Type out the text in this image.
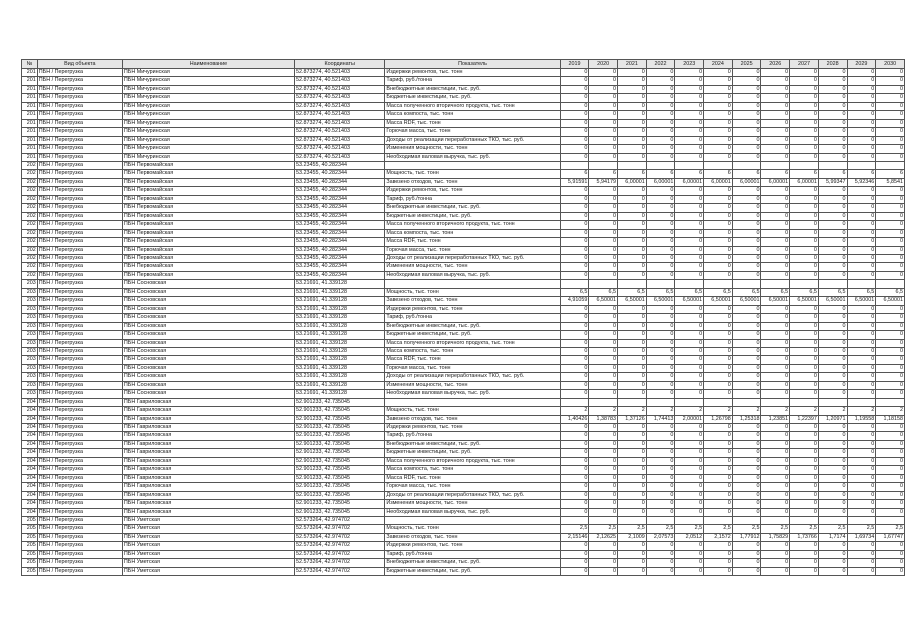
№	Вид объекта	Наименование	Координаты	Показатель	2019	2020	2021	2022	2023	2024	2025	2026	2027	2028	2029	2030
201	ПБН / Перегрузка	ПБН Мичуринская	52.873274, 40.521403	Издержки ремонтов, тыс. тонн	0	0	0	0	0	0	0	0	0	0	0	0
201	ПБН / Перегрузка	ПБН Мичуринская	52.873274, 40.521403	Тариф, руб./тонна	0	0	0	0	0	0	0	0	0	0	0	0
201	ПБН / Перегрузка	ПБН Мичуринская	52.873274, 40.521403	Внебюджетные инвестиции, тыс. руб.	0	0	0	0	0	0	0	0	0	0	0	0
201	ПБН / Перегрузка	ПБН Мичуринская	52.873274, 40.521403	Бюджетные инвестиции, тыс. руб.	0	0	0	0	0	0	0	0	0	0	0	0
201	ПБН / Перегрузка	ПБН Мичуринская	52.873274, 40.521403	Масса полученного вторичного продукта, тыс. тонн	0	0	0	0	0	0	0	0	0	0	0	0
201	ПБН / Перегрузка	ПБН Мичуринская	52.873274, 40.521403	Масса компоста, тыс. тонн	0	0	0	0	0	0	0	0	0	0	0	0
201	ПБН / Перегрузка	ПБН Мичуринская	52.873274, 40.521403	Масса RDF, тыс. тонн	0	0	0	0	0	0	0	0	0	0	0	0
201	ПБН / Перегрузка	ПБН Мичуринская	52.873274, 40.521403	Горючая масса, тыс. тонн	0	0	0	0	0	0	0	0	0	0	0	0
201	ПБН / Перегрузка	ПБН Мичуринская	52.873274, 40.521403	Доходы от реализации переработанных ТКО, тыс. руб.	0	0	0	0	0	0	0	0	0	0	0	0
201	ПБН / Перегрузка	ПБН Мичуринская	52.873274, 40.521403	Изменения мощности, тыс. тонн	0	0	0	0	0	0	0	0	0	0	0	0
201	ПБН / Перегрузка	ПБН Мичуринская	52.873274, 40.521403	Необходимая валовая выручка, тыс. руб.	0	0	0	0	0	0	0	0	0	0	0	0
202	ПБН / Перегрузка	ПБН Первомайская	53.23455, 40.282344													
202	ПБН / Перегрузка	ПБН Первомайская	53.23455, 40.282344	Мощность, тыс. тонн	6	6	6	6	6	6	6	6	6	6	6	6
202	ПБН / Перегрузка	ПБН Первомайская	53.23455, 40.282344	Завезено отходов, тыс. тонн	5,91591	5,94179	6,00001	6,00001	6,00001	6,00001	6,00001	6,00001	6,00001	5,99347	5,92346	5,8541
202	ПБН / Перегрузка	ПБН Первомайская	53.23455, 40.282344	Издержки ремонтов, тыс. тонн	0	0	0	0	0	0	0	0	0	0	0	0
202	ПБН / Перегрузка	ПБН Первомайская	53.23455, 40.282344	Тариф, руб./тонна	0	0	0	0	0	0	0	0	0	0	0	0
202	ПБН / Перегрузка	ПБН Первомайская	53.23455, 40.282344	Внебюджетные инвестиции, тыс. руб.	0	0	0	0	0	0	0	0	0	0	0	0
202	ПБН / Перегрузка	ПБН Первомайская	53.23455, 40.282344	Бюджетные инвестиции, тыс. руб.	0	0	0	0	0	0	0	0	0	0	0	0
202	ПБН / Перегрузка	ПБН Первомайская	53.23455, 40.282344	Масса полученного вторичного продукта, тыс. тонн	0	0	0	0	0	0	0	0	0	0	0	0
202	ПБН / Перегрузка	ПБН Первомайская	53.23455, 40.282344	Масса компоста, тыс. тонн	0	0	0	0	0	0	0	0	0	0	0	0
202	ПБН / Перегрузка	ПБН Первомайская	53.23455, 40.282344	Масса RDF, тыс. тонн	0	0	0	0	0	0	0	0	0	0	0	0
202	ПБН / Перегрузка	ПБН Первомайская	53.23455, 40.282344	Горючая масса, тыс. тонн	0	0	0	0	0	0	0	0	0	0	0	0
202	ПБН / Перегрузка	ПБН Первомайская	53.23455, 40.282344	Доходы от реализации переработанных ТКО, тыс. руб.	0	0	0	0	0	0	0	0	0	0	0	0
202	ПБН / Перегрузка	ПБН Первомайская	53.23455, 40.282344	Изменения мощности, тыс. тонн	0	0	0	0	0	0	0	0	0	0	0	0
202	ПБН / Перегрузка	ПБН Первомайская	53.23455, 40.282344	Необходимая валовая выручка, тыс. руб.	0	0	0	0	0	0	0	0	0	0	0	0
203	ПБН / Перегрузка	ПБН Сосновская	53.21691, 41.339128													
203	ПБН / Перегрузка	ПБН Сосновская	53.21691, 41.339128	Мощность, тыс. тонн	6,5	6,5	6,5	6,5	6,5	6,5	6,5	6,5	6,5	6,5	6,5	6,5
203	ПБН / Перегрузка	ПБН Сосновская	53.21691, 41.339128	Завезено отходов, тыс. тонн	4,91059	6,50001	6,50001	6,50001	6,50001	6,50001	6,50001	6,50001	6,50001	6,50001	6,50001	6,50001
203	ПБН / Перегрузка	ПБН Сосновская	53.21691, 41.339128	Издержки ремонтов, тыс. тонн	0	0	0	0	0	0	0	0	0	0	0	0
203	ПБН / Перегрузка	ПБН Сосновская	53.21691, 41.339128	Тариф, руб./тонна	0	0	0	0	0	0	0	0	0	0	0	0
203	ПБН / Перегрузка	ПБН Сосновская	53.21691, 41.339128	Внебюджетные инвестиции, тыс. руб.	0	0	0	0	0	0	0	0	0	0	0	0
203	ПБН / Перегрузка	ПБН Сосновская	53.21691, 41.339128	Бюджетные инвестиции, тыс. руб.	0	0	0	0	0	0	0	0	0	0	0	0
203	ПБН / Перегрузка	ПБН Сосновская	53.21691, 41.339128	Масса полученного вторичного продукта, тыс. тонн	0	0	0	0	0	0	0	0	0	0	0	0
203	ПБН / Перегрузка	ПБН Сосновская	53.21691, 41.339128	Масса компоста, тыс. тонн	0	0	0	0	0	0	0	0	0	0	0	0
203	ПБН / Перегрузка	ПБН Сосновская	53.21691, 41.339128	Масса RDF, тыс. тонн	0	0	0	0	0	0	0	0	0	0	0	0
203	ПБН / Перегрузка	ПБН Сосновская	53.21691, 41.339128	Горючая масса, тыс. тонн	0	0	0	0	0	0	0	0	0	0	0	0
203	ПБН / Перегрузка	ПБН Сосновская	53.21691, 41.339128	Доходы от реализации переработанных ТКО, тыс. руб.	0	0	0	0	0	0	0	0	0	0	0	0
203	ПБН / Перегрузка	ПБН Сосновская	53.21691, 41.339128	Изменения мощности, тыс. тонн	0	0	0	0	0	0	0	0	0	0	0	0
203	ПБН / Перегрузка	ПБН Сосновская	53.21691, 41.339128	Необходимая валовая выручка, тыс. руб.	0	0	0	0	0	0	0	0	0	0	0	0
204	ПБН / Перегрузка	ПБН Гавриловская	52.901233, 42.735045													
204	ПБН / Перегрузка	ПБН Гавриловская	52.901233, 42.735045	Мощность, тыс. тонн	2	2	2	2	2	2	2	2	2	2	2	2
204	ПБН / Перегрузка	ПБН Гавриловская	52.901233, 42.735045	Завезено отходов, тыс. тонн	1,40426	1,38783	1,37126	1,74413	2,00001	1,26798	1,25318	1,23851	1,22397	1,20971	1,19558	1,18158
204	ПБН / Перегрузка	ПБН Гавриловская	52.901233, 42.735045	Издержки ремонтов, тыс. тонн	0	0	0	0	0	0	0	0	0	0	0	0
204	ПБН / Перегрузка	ПБН Гавриловская	52.901233, 42.735045	Тариф, руб./тонна	0	0	0	0	0	0	0	0	0	0	0	0
204	ПБН / Перегрузка	ПБН Гавриловская	52.901233, 42.735045	Внебюджетные инвестиции, тыс. руб.	0	0	0	0	0	0	0	0	0	0	0	0
204	ПБН / Перегрузка	ПБН Гавриловская	52.901233, 42.735045	Бюджетные инвестиции, тыс. руб.	0	0	0	0	0	0	0	0	0	0	0	0
204	ПБН / Перегрузка	ПБН Гавриловская	52.901233, 42.735045	Масса полученного вторичного продукта, тыс. тонн	0	0	0	0	0	0	0	0	0	0	0	0
204	ПБН / Перегрузка	ПБН Гавриловская	52.901233, 42.735045	Масса компоста, тыс. тонн	0	0	0	0	0	0	0	0	0	0	0	0
204	ПБН / Перегрузка	ПБН Гавриловская	52.901233, 42.735045	Масса RDF, тыс. тонн	0	0	0	0	0	0	0	0	0	0	0	0
204	ПБН / Перегрузка	ПБН Гавриловская	52.901233, 42.735045	Горючая масса, тыс. тонн	0	0	0	0	0	0	0	0	0	0	0	0
204	ПБН / Перегрузка	ПБН Гавриловская	52.901233, 42.735045	Доходы от реализации переработанных ТКО, тыс. руб.	0	0	0	0	0	0	0	0	0	0	0	0
204	ПБН / Перегрузка	ПБН Гавриловская	52.901233, 42.735045	Изменения мощности, тыс. тонн	0	0	0	0	0	0	0	0	0	0	0	0
204	ПБН / Перегрузка	ПБН Гавриловская	52.901233, 42.735045	Необходимая валовая выручка, тыс. руб.	0	0	0	0	0	0	0	0	0	0	0	0
205	ПБН / Перегрузка	ПБН Уметская	52.573264, 42.974702													
205	ПБН / Перегрузка	ПБН Уметская	52.573264, 42.974702	Мощность, тыс. тонн	2,5	2,5	2,5	2,5	2,5	2,5	2,5	2,5	2,5	2,5	2,5	2,5
205	ПБН / Перегрузка	ПБН Уметская	52.573264, 42.974702	Завезено отходов, тыс. тонн	2,15146	2,12625	2,1009	2,07573	2,0512	2,1572	1,77912	1,75829	1,73766	1,7174	1,69734	1,67747
205	ПБН / Перегрузка	ПБН Уметская	52.573264, 42.974702	Издержки ремонтов, тыс. тонн	0	0	0	0	0	0	0	0	0	0	0	0
205	ПБН / Перегрузка	ПБН Уметская	52.573264, 42.974702	Тариф, руб./тонна	0	0	0	0	0	0	0	0	0	0	0	0
205	ПБН / Перегрузка	ПБН Уметская	52.573264, 42.974702	Внебюджетные инвестиции, тыс. руб.	0	0	0	0	0	0	0	0	0	0	0	0
205	ПБН / Перегрузка	ПБН Уметская	52.573264, 42.974702	Бюджетные инвестиции, тыс. руб.	0	0	0	0	0	0	0	0	0	0	0	0
